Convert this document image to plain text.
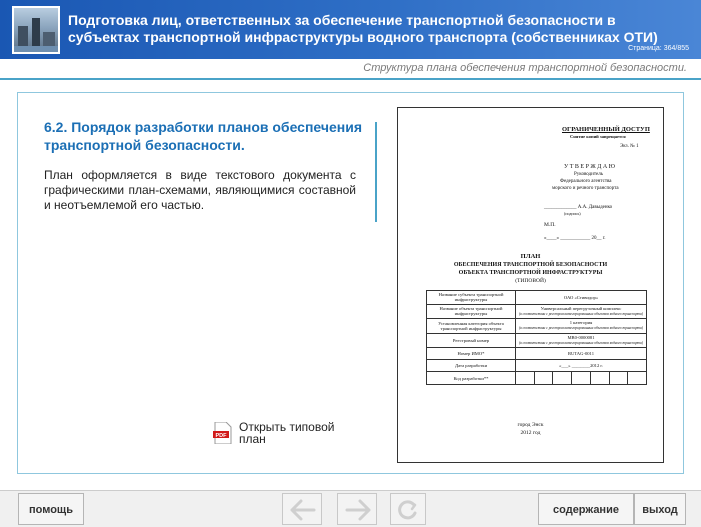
Подготовка лиц, ответственных за обеспечение транспортной безопасности в субъектах транспортной инфраструктуры водного транспорта (собственниках ОТИ)
Страница: 364/855
Структура плана обеспечения транспортной безопасности.
6.2. Порядок разработки планов обеспечения транспортной безопасности.
План оформляется в виде текстового документа с графическими план-схемами, являющимися составной и неотъемлемой его частью.
PDF
Открыть типовой
план
ОГРАНИЧЕННЫЙ ДОСТУП
Снятие копий запрещается
Экз. № 1
У Т В Е Р Ж Д А Ю
Руководитель
Федерального агентства
морского и речного транспорта
_____________ А.А. Давыденко
(подпись)
М.П.
«____» ____________ 20__ г.
ПЛАН
ОБЕСПЕЧЕНИЯ ТРАНСПОРТНОЙ БЕЗОПАСНОСТИ
ОБЪЕКТА ТРАНСПОРТНОЙ ИНФРАСТРУКТУРЫ
(ТИПОВОЙ)
Название субъекта транспортной инфраструктуры	ОАО «Стивидор»
Название объекта транспортной инфраструктуры	Универсальный перегрузочный комплекс
(в соответствии с реестром категорированных объектов водного транспорта)
Установленная категория объекта транспортной инфраструктуры	1 категория
(в соответствии с реестром категорированных объектов водного транспорта)
Реестровый номер	МВ0-0000081
(в соответствии с реестром категорированных объектов водного транспорта)
Номер ИМО*	RUTAG-0011
Дата разработки	«___» ________2012 г.
Код разработки**	
город Энск
2012 год
помощь	содержание	выход
